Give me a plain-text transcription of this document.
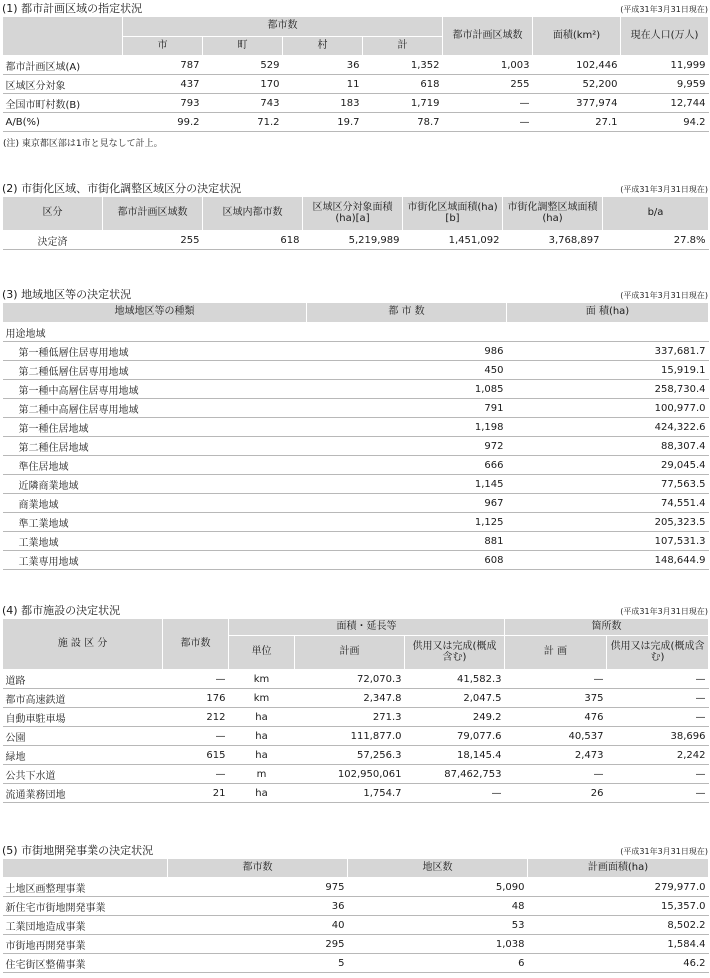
(1) 都市計画区域の指定状況	(平成31年3月31日現在)
	都市数				都市計画区域数	面積(km²)	現在人口(万人)
	市	町	村	計			
都市計画区域(A)	787	529	36	1,352	1,003	102,446	11,999
区域区分対象	437	170	11	618	255	52,200	9,959
全国市町村数(B)	793	743	183	1,719	—	377,974	12,744
A/B(%)	99.2	71.2	19.7	78.7	—	27.1	94.2
(注) 東京都区部は1市と見なして計上。
(2) 市街化区域、市街化調整区域区分の決定状況	(平成31年3月31日現在)
区分	都市計画区域数	区域内都市数	区域区分対象面積(ha)[a]	市街化区域面積(ha)[b]	市街化調整区域面積(ha)	b/a
決定済	255	618	5,219,989	1,451,092	3,768,897	27.8%
(3) 地域地区等の決定状況	(平成31年3月31日現在)
地域地区等の種類	都 市 数	面 積(ha)
用途地域		
第一種低層住居専用地域	986	337,681.7
第二種低層住居専用地域	450	15,919.1
第一種中高層住居専用地域	1,085	258,730.4
第二種中高層住居専用地域	791	100,977.0
第一種住居地域	1,198	424,322.6
第二種住居地域	972	88,307.4
準住居地域	666	29,045.4
近隣商業地域	1,145	77,563.5
商業地域	967	74,551.4
準工業地域	1,125	205,323.5
工業地域	881	107,531.3
工業専用地域	608	148,644.9
(4) 都市施設の決定状況	(平成31年3月31日現在)
施 設 区 分	都市数	面積・延長等			箇所数	
		単位	計画	供用又は完成(概成含む)	計 画	供用又は完成(概成含む)
道路	—	km	72,070.3	41,582.3	—	—
都市高速鉄道	176	km	2,347.8	2,047.5	375	—
自動車駐車場	212	ha	271.3	249.2	476	—
公園	—	ha	111,877.0	79,077.6	40,537	38,696
緑地	615	ha	57,256.3	18,145.4	2,473	2,242
公共下水道	—	m	102,950,061	87,462,753	—	—
流通業務団地	21	ha	1,754.7	—	26	—
(5) 市街地開発事業の決定状況	(平成31年3月31日現在)
	都市数	地区数	計画面積(ha)
土地区画整理事業	975	5,090	279,977.0
新住宅市街地開発事業	36	48	15,357.0
工業団地造成事業	40	53	8,502.2
市街地再開発事業	295	1,038	1,584.4
住宅街区整備事業	5	6	46.2
